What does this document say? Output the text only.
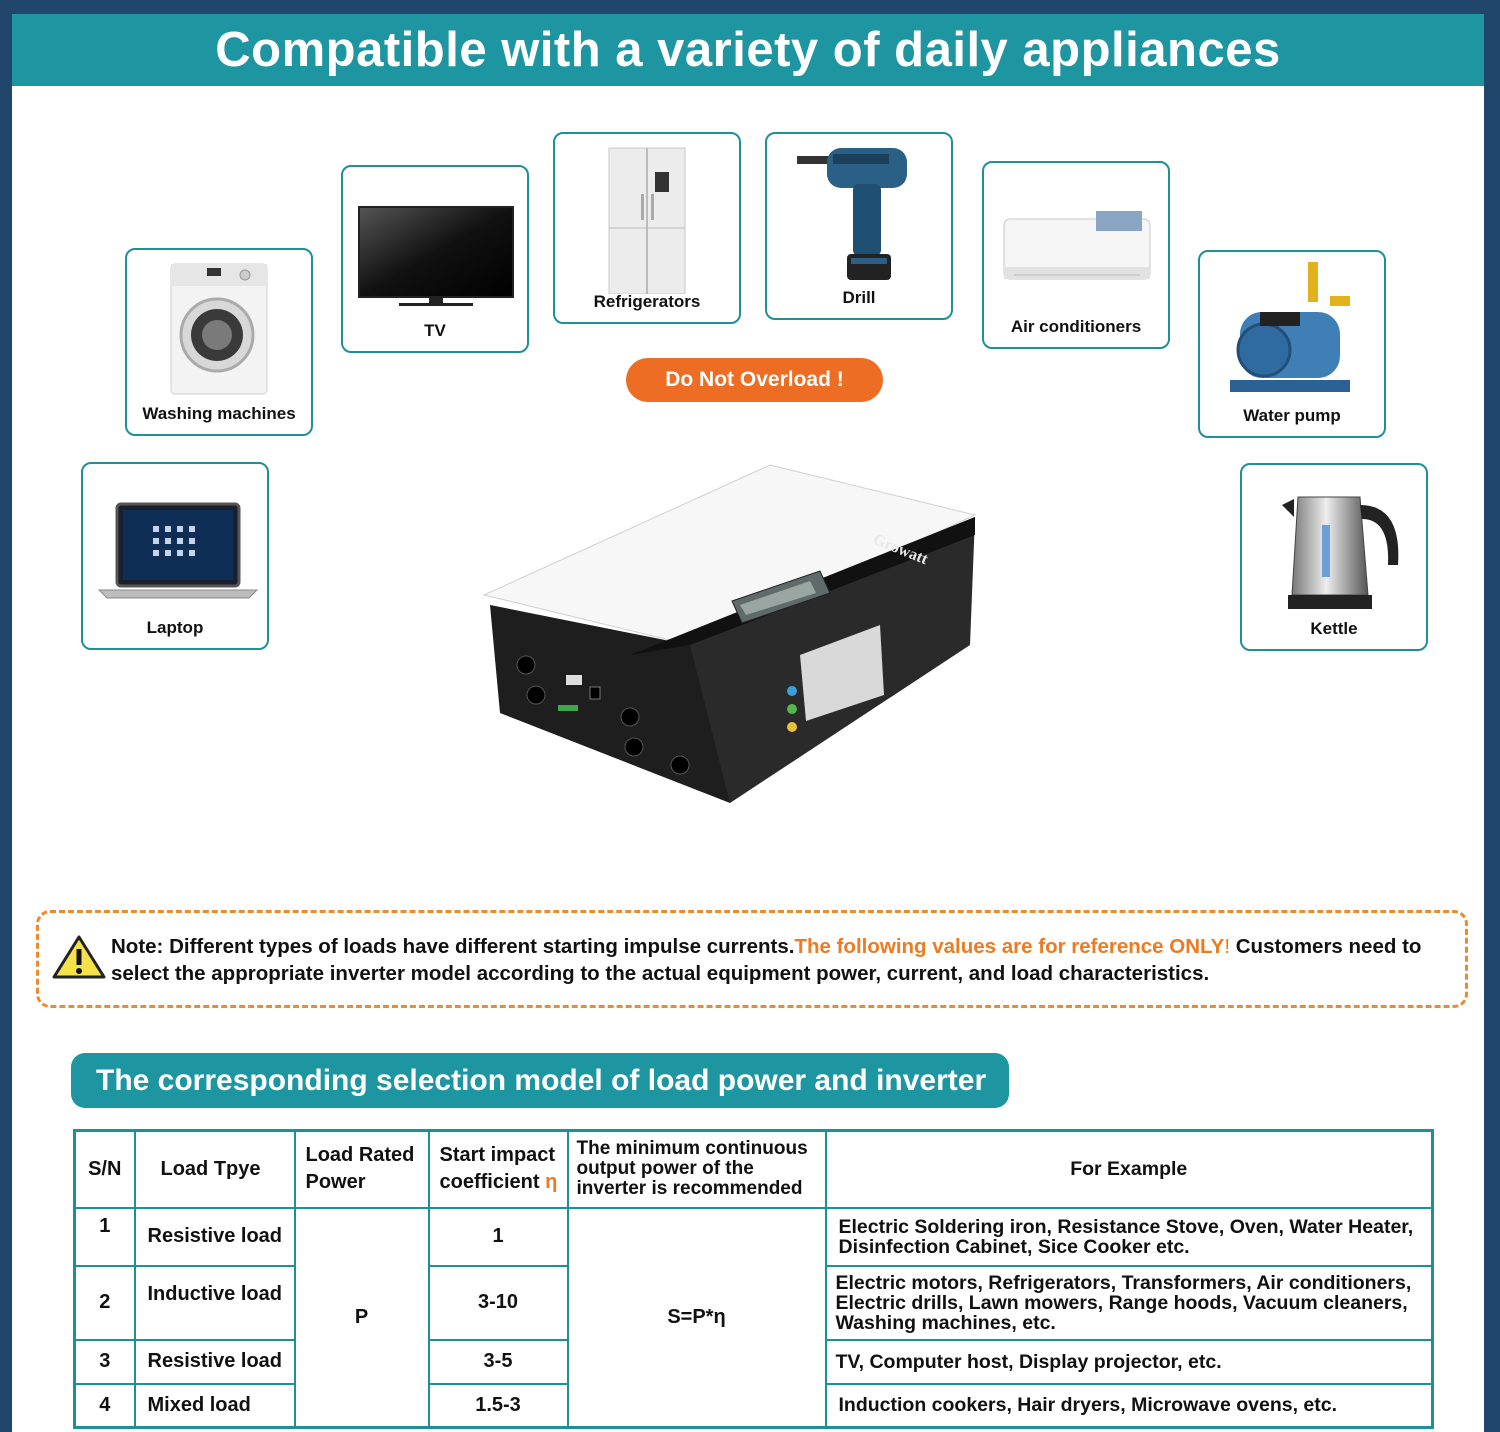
Compatible with a variety of daily appliances
Washing machines
TV
Refrigerators	Drill
Air conditioners
Water pump
Laptop	Kettle
Do Not Overload !
Growatt

Note: Different types of loads have different starting impulse currents.The following values are for reference ONLY! Customers need to select the appropriate inverter model according to the actual equipment power, current, and load characteristics.

The corresponding selection model of load power and inverter
S/N	Load Tpye	Load Rated Power	Start impact coefficient η	The minimum continuous output power of the inverter is recommended	For Example
1	Resistive load	P	1	S=P*η	Electric Soldering iron, Resistance Stove, Oven, Water Heater, Disinfection Cabinet, Sice Cooker etc.
2	Inductive load		3-10		Electric motors, Refrigerators, Transformers, Air conditioners, Electric drills, Lawn mowers, Range hoods, Vacuum cleaners, Washing machines, etc.
3	Resistive load		3-5		TV, Computer host, Display projector, etc.
4	Mixed load		1.5-3		Induction cookers, Hair dryers, Microwave ovens, etc.
